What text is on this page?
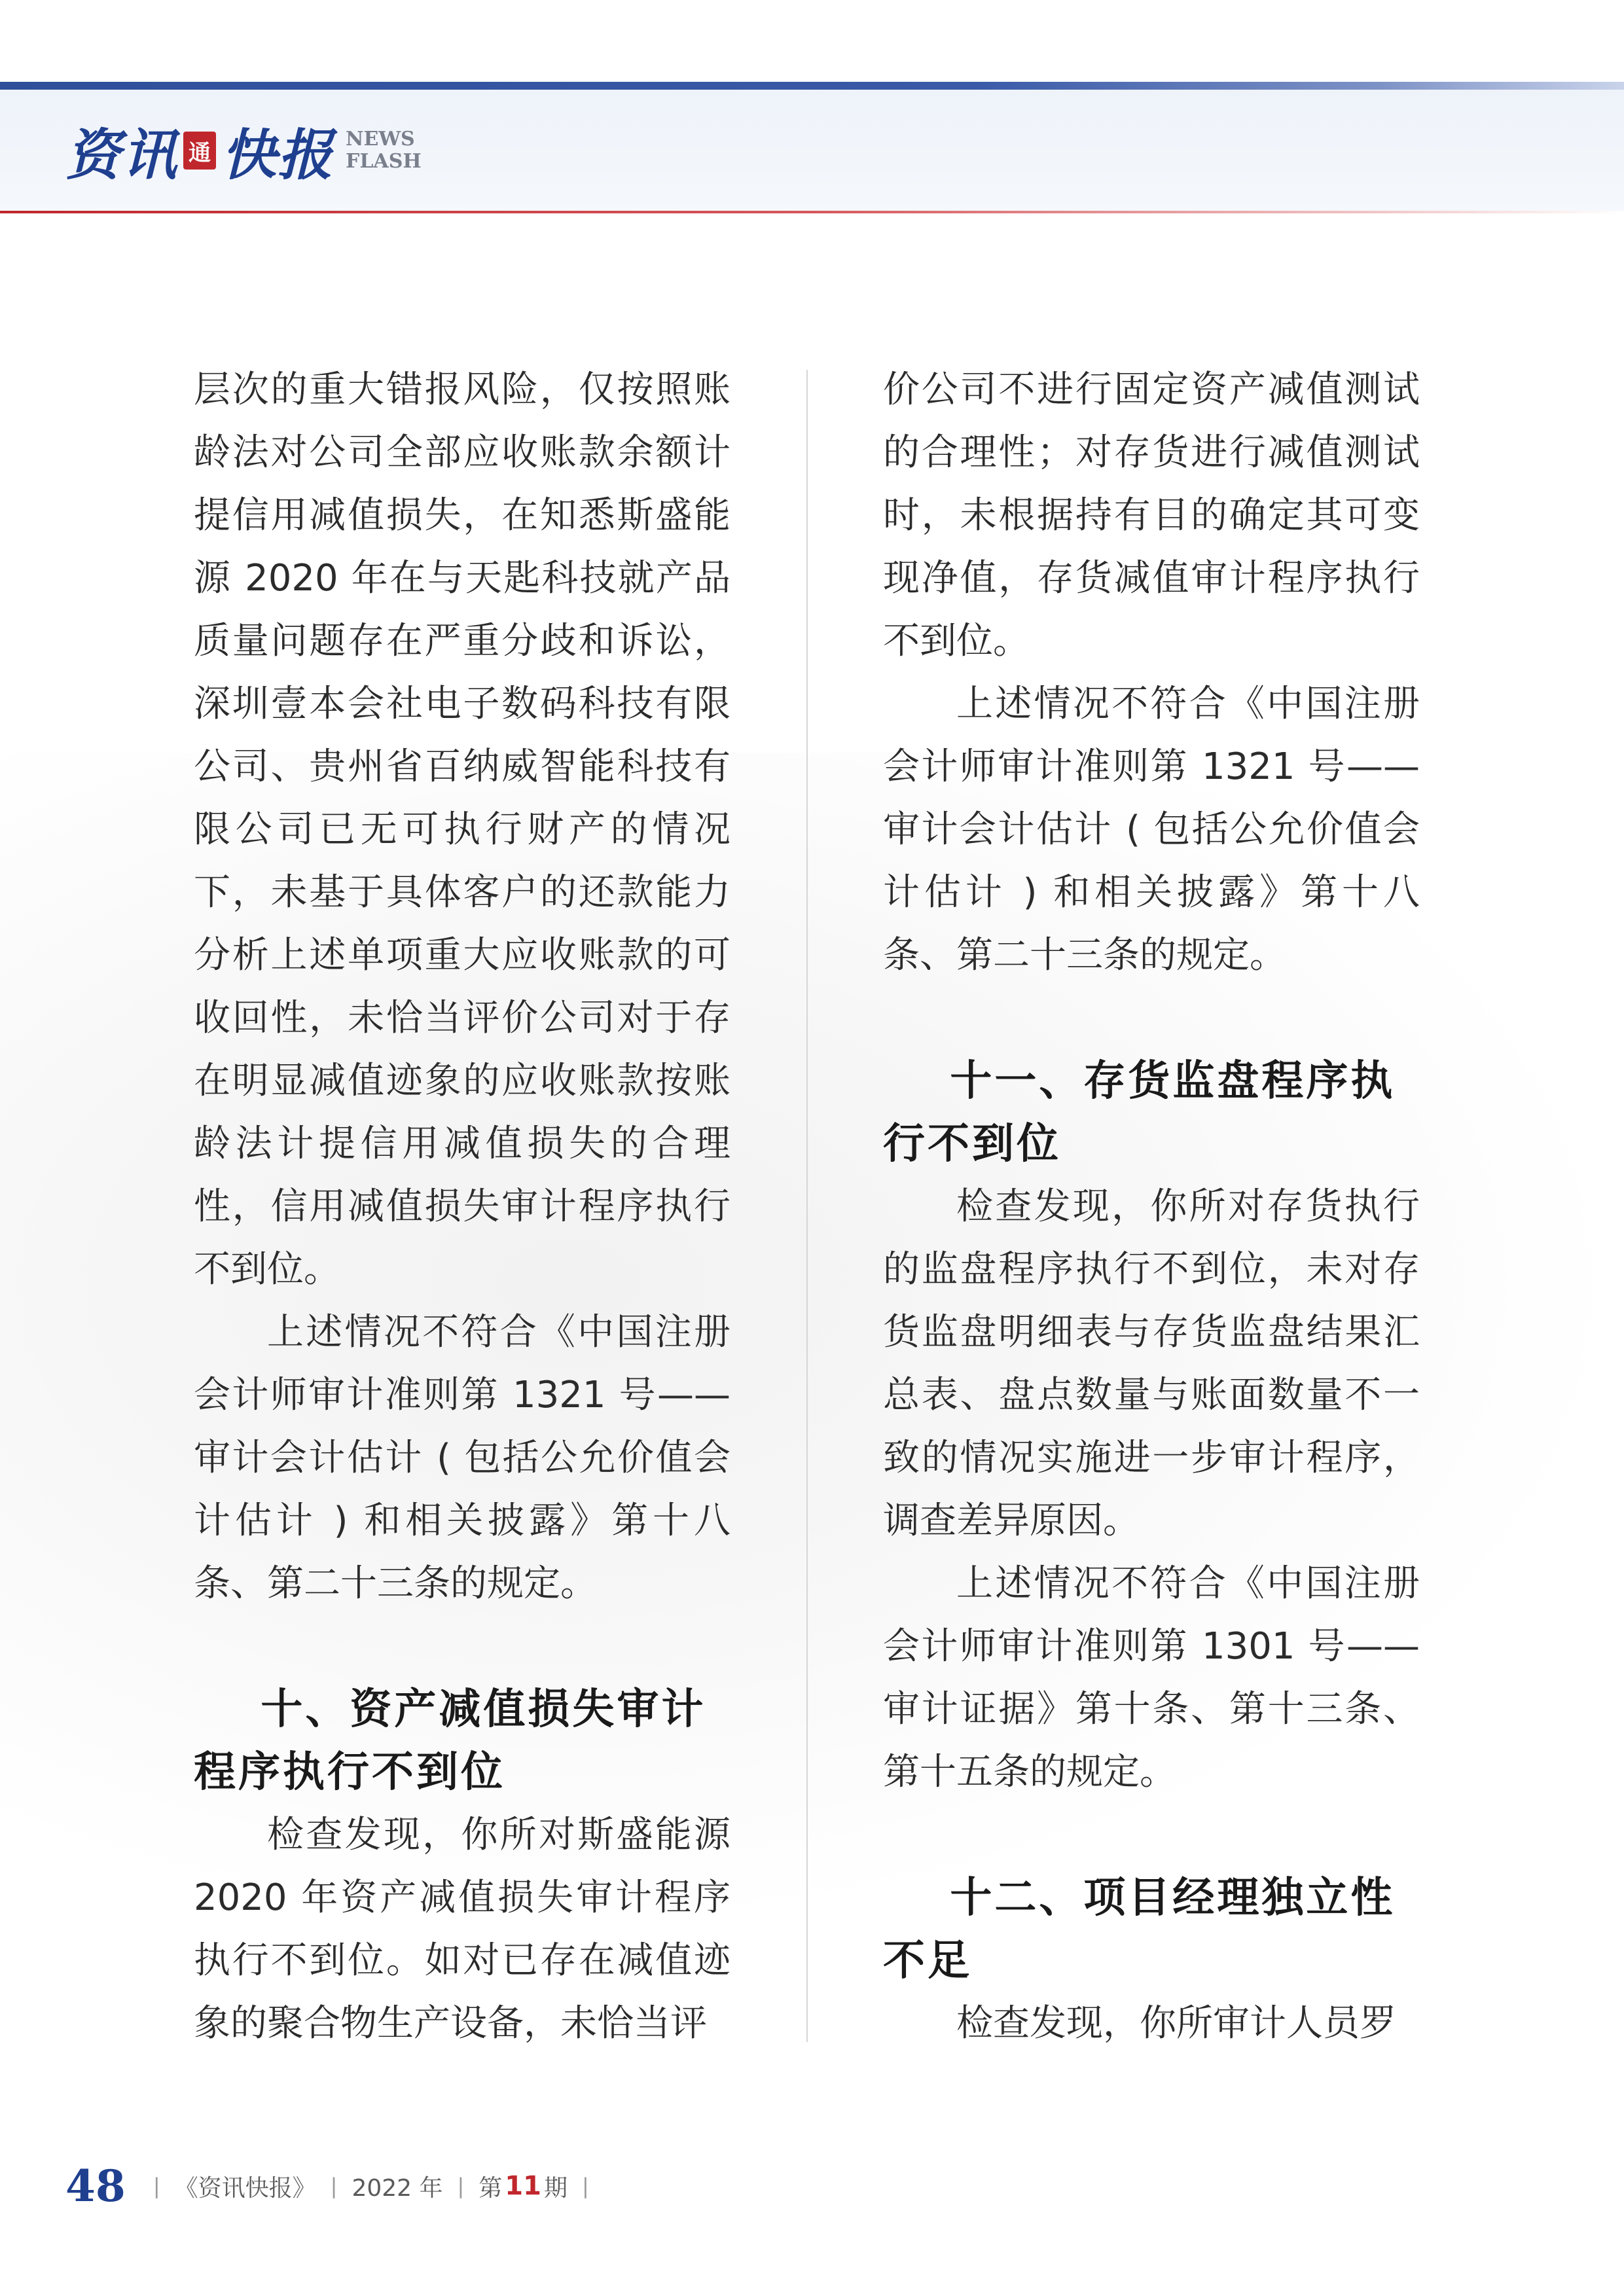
资讯 通 快报 NEWS
FLASH

层次的重大错报风险，仅按照账龄法对公司全部应收账款余额计提信用减值损失，在知悉斯盛能源 2020 年在与天匙科技就产品质量问题存在严重分歧和诉讼，深圳壹本会社电子数码科技有限公司、贵州省百纳威智能科技有限公司已无可执行财产的情况下，未基于具体客户的还款能力分析上述单项重大应收账款的可收回性，未恰当评价公司对于存在明显减值迹象的应收账款按账龄法计提信用减值损失的合理性，信用减值损失审计程序执行不到位。

上述情况不符合《中国注册会计师审计准则第 1321 号——审计会计估计 ( 包括公允价值会计估计 ) 和相关披露》第十八条、第二十三条的规定。

十、资产减值损失审计程序执行不到位

检查发现，你所对斯盛能源 2020 年资产减值损失审计程序执行不到位。如对已存在减值迹象的聚合物生产设备，未恰当评

价公司不进行固定资产减值测试的合理性；对存货进行减值测试时，未根据持有目的确定其可变现净值，存货减值审计程序执行不到位。

上述情况不符合《中国注册会计师审计准则第 1321 号——审计会计估计 ( 包括公允价值会计估计 ) 和相关披露》第十八条、第二十三条的规定。

十一、存货监盘程序执行不到位

检查发现，你所对存货执行的监盘程序执行不到位，未对存货监盘明细表与存货监盘结果汇总表、盘点数量与账面数量不一致的情况实施进一步审计程序，调查差异原因。

上述情况不符合《中国注册会计师审计准则第 1301 号——审计证据》第十条、第十三条、第十五条的规定。

十二、项目经理独立性不足

检查发现，你所审计人员罗

48 | 《资讯快报》 | 2022 年 | 第 11 期 |
